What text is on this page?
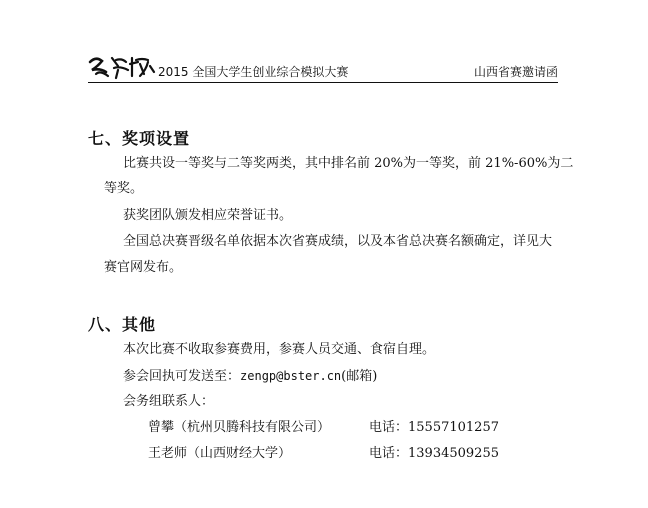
学创杯
2015 全国大学生创业综合模拟大赛	山西省赛邀请函
七、奖项设置
比赛共设一等奖与二等奖两类，其中排名前 20%为一等奖，前 21%-60%为二
等奖。
获奖团队颁发相应荣誉证书。
全国总决赛晋级名单依据本次省赛成绩，以及本省总决赛名额确定，详见大
赛官网发布。
八、其他
本次比赛不收取参赛费用，参赛人员交通、食宿自理。
参会回执可发送至：zengp@bster.cn(邮箱)
会务组联系人：
曾攀（杭州贝腾科技有限公司）	电话：15557101257
王老师（山西财经大学）	电话：13934509255
